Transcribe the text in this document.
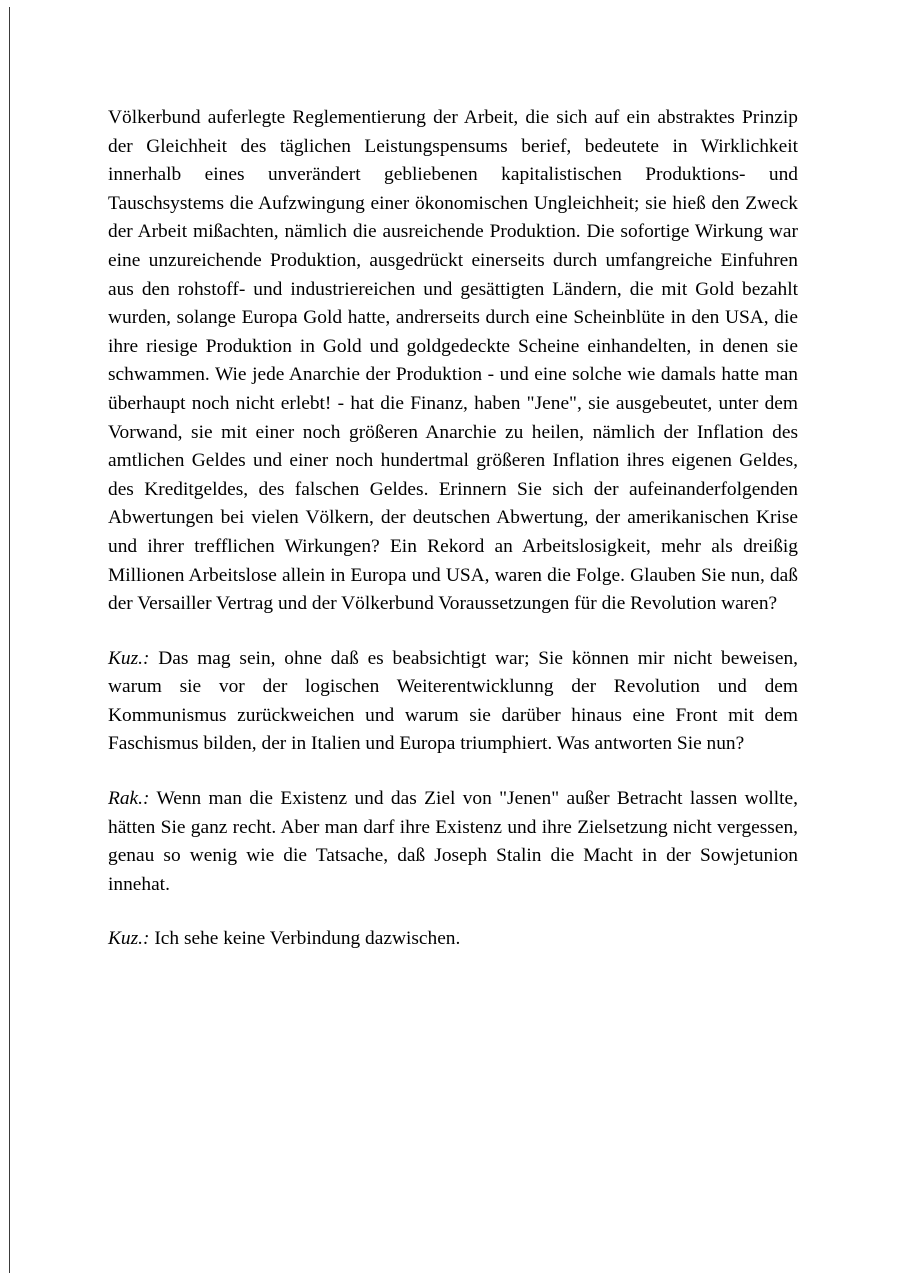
Völkerbund auferlegte Reglementierung der Arbeit, die sich auf ein abstraktes Prinzip der Gleichheit des täglichen Leistungspensums berief, bedeutete in Wirklichkeit innerhalb eines unverändert gebliebenen kapitalistischen Produktions- und Tauschsystems die Aufzwingung einer ökonomischen Ungleichheit; sie hieß den Zweck der Arbeit mißachten, nämlich die ausreichende Produktion. Die sofortige Wirkung war eine unzureichende Produktion, ausgedrückt einerseits durch umfangreiche Einfuhren aus den rohstoff- und industriereichen und gesättigten Ländern, die mit Gold bezahlt wurden, solange Europa Gold hatte, andrerseits durch eine Scheinblüte in den USA, die ihre riesige Produktion in Gold und goldgedeckte Scheine einhandelten, in denen sie schwammen. Wie jede Anarchie der Produktion - und eine solche wie damals hatte man überhaupt noch nicht erlebt! - hat die Finanz, haben "Jene", sie ausgebeutet, unter dem Vorwand, sie mit einer noch größeren Anarchie zu heilen, nämlich der Inflation des amtlichen Geldes und einer noch hundertmal größeren Inflation ihres eigenen Geldes, des Kreditgeldes, des falschen Geldes. Erinnern Sie sich der aufeinanderfolgenden Abwertungen bei vielen Völkern, der deutschen Abwertung, der amerikanischen Krise und ihrer trefflichen Wirkungen? Ein Rekord an Arbeitslosigkeit, mehr als dreißig Millionen Arbeitslose allein in Europa und USA, waren die Folge. Glauben Sie nun, daß der Versailler Vertrag und der Völkerbund Voraussetzungen für die Revolution waren?

Kuz.: Das mag sein, ohne daß es beabsichtigt war; Sie können mir nicht beweisen, warum sie vor der logischen Weiterentwicklunng der Revolution und dem Kommunismus zurückweichen und warum sie darüber hinaus eine Front mit dem Faschismus bilden, der in Italien und Europa triumphiert. Was antworten Sie nun?

Rak.: Wenn man die Existenz und das Ziel von "Jenen" außer Betracht lassen wollte, hätten Sie ganz recht. Aber man darf ihre Existenz und ihre Zielsetzung nicht vergessen, genau so wenig wie die Tatsache, daß Joseph Stalin die Macht in der Sowjetunion innehat.

Kuz.: Ich sehe keine Verbindung dazwischen.
